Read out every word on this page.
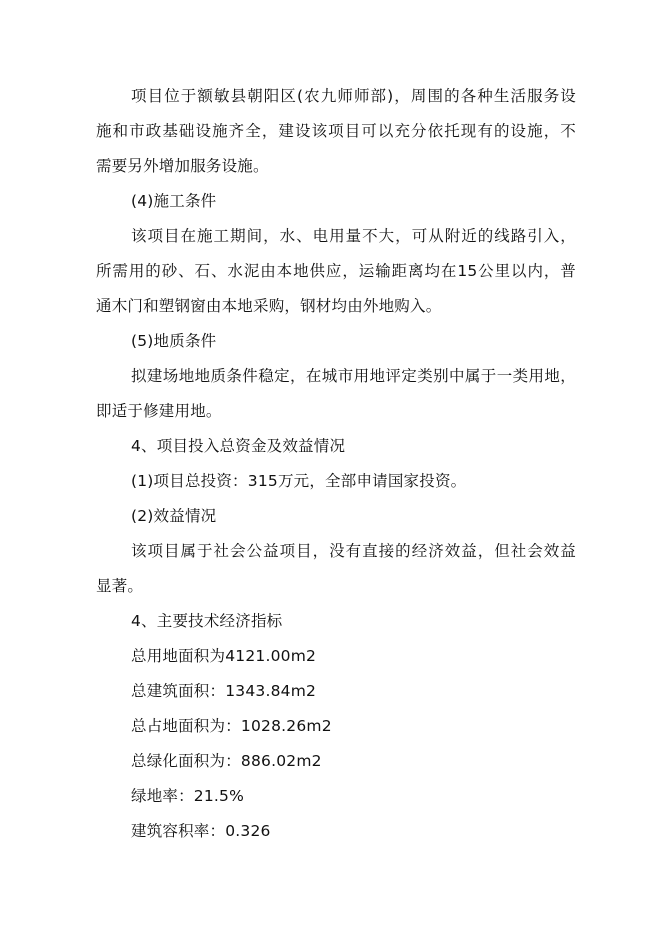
项目位于额敏县朝阳区(农九师师部)，周围的各种生活服务设
施和市政基础设施齐全，建设该项目可以充分依托现有的设施，不
需要另外增加服务设施。
(4)施工条件
该项目在施工期间，水、电用量不大，可从附近的线路引入，
所需用的砂、石、水泥由本地供应，运输距离均在15公里以内，普
通木门和塑钢窗由本地采购，钢材均由外地购入。
(5)地质条件
拟建场地地质条件稳定，在城市用地评定类别中属于一类用地，
即适于修建用地。
4、项目投入总资金及效益情况
(1)项目总投资：315万元，全部申请国家投资。
(2)效益情况
该项目属于社会公益项目，没有直接的经济效益，但社会效益
显著。
4、主要技术经济指标
总用地面积为4121.00m2
总建筑面积：1343.84m2
总占地面积为：1028.26m2
总绿化面积为：886.02m2
绿地率：21.5%
建筑容积率：0.326
